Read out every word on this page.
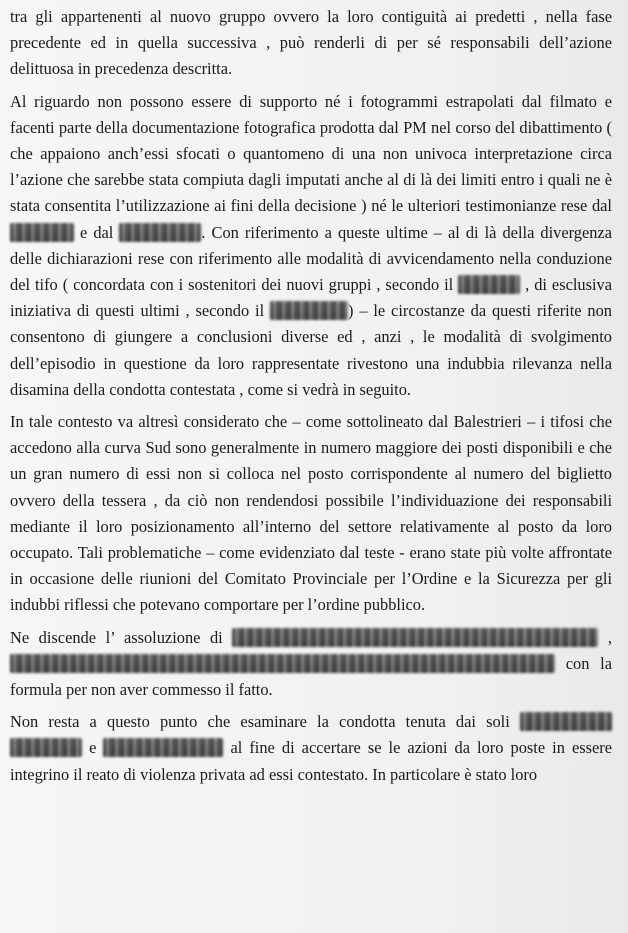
tra gli appartenenti al nuovo gruppo ovvero la loro contiguità ai predetti , nella fase precedente ed in quella successiva , può renderli di per sé responsabili dell’azione delittuosa in precedenza descritta.

Al riguardo non possono essere di supporto né i fotogrammi estrapolati dal filmato e facenti parte della documentazione fotografica prodotta dal PM nel corso del dibattimento ( che appaiono anch’essi sfocati o quantomeno di una non univoca interpretazione circa l’azione che sarebbe stata compiuta dagli imputati anche al di là dei limiti entro i quali ne è stata consentita l’utilizzazione ai fini della decisione ) né le ulteriori testimonianze rese dal  e dal	. Con riferimento a queste ultime – al di là della divergenza delle dichiarazioni rese con riferimento alle modalità di avvicendamento nella conduzione del tifo ( concordata con i sostenitori dei nuovi gruppi , secondo il	, di esclusiva iniziativa di questi ultimi , secondo il	) – le circostanze da questi riferite non consentono di giungere a conclusioni diverse ed , anzi , le modalità di svolgimento dell’episodio in questione da loro rappresentate rivestono una indubbia rilevanza nella disamina della condotta contestata , come si vedrà in seguito.

In tale contesto va altresì considerato che – come sottolineato dal Balestrieri – i tifosi che accedono alla curva Sud sono generalmente in numero maggiore dei posti disponibili e che un gran numero di essi non si colloca nel posto corrispondente al numero del biglietto ovvero della tessera , da ciò non rendendosi possibile l’individuazione dei responsabili mediante il loro posizionamento all’interno del settore relativamente al posto da loro occupato. Tali problematiche – come evidenziato dal teste - erano state più volte affrontate in occasione delle riunioni del Comitato Provinciale per l’Ordine e la Sicurezza per gli indubbi riflessi che potevano comportare per l’ordine pubblico.

Ne discende l’ assoluzione di	,  con la formula per non aver commesso il fatto.

Non resta a questo punto che esaminare la condotta tenuta dai soli   e	al fine di accertare se le azioni da loro poste in essere integrino il reato di violenza privata ad essi contestato. In particolare è stato loro
